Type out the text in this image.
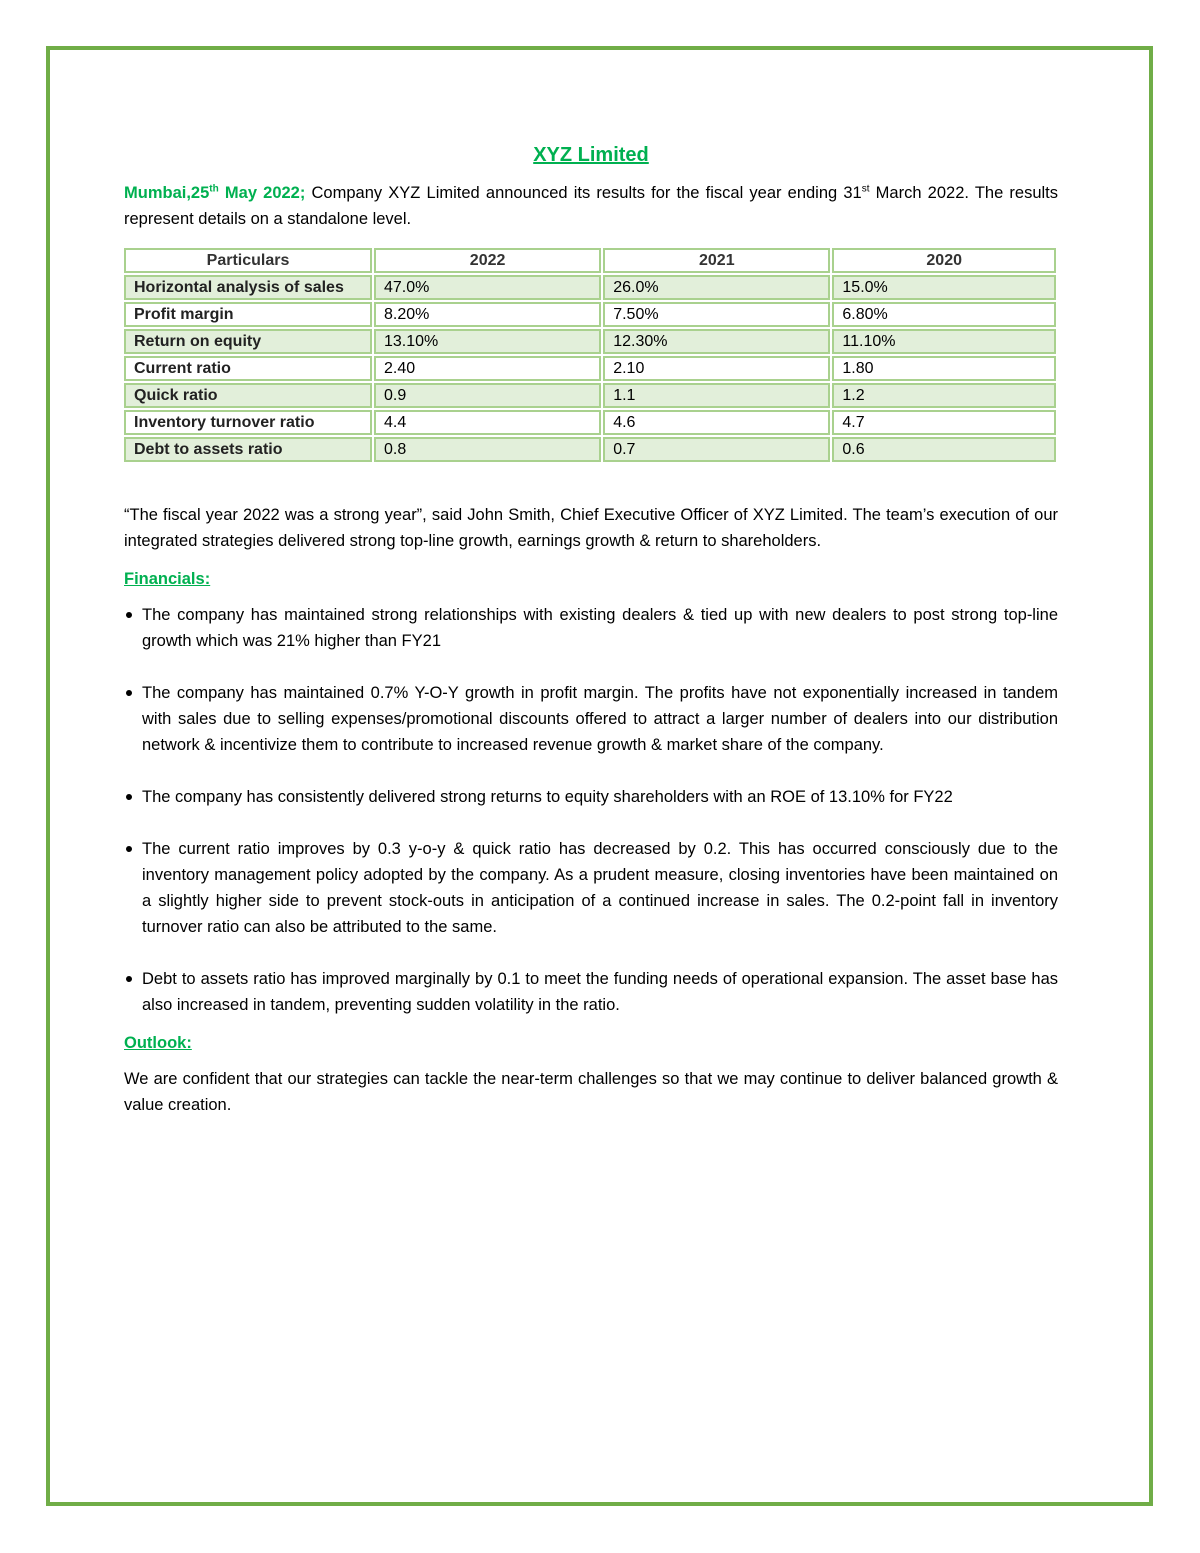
XYZ Limited

Mumbai,25th May 2022; Company XYZ Limited announced its results for the fiscal year ending 31st March 2022. The results represent details on a standalone level.

Particulars	2022	2021	2020
Horizontal analysis of sales	47.0%	26.0%	15.0%
Profit margin	8.20%	7.50%	6.80%
Return on equity	13.10%	12.30%	11.10%
Current ratio	2.40	2.10	1.80
Quick ratio	0.9	1.1	1.2
Inventory turnover ratio	4.4	4.6	4.7
Debt to assets ratio	0.8	0.7	0.6

“The fiscal year 2022 was a strong year”, said John Smith, Chief Executive Officer of XYZ Limited. The team’s execution of our integrated strategies delivered strong top-line growth, earnings growth & return to shareholders.

Financials:
The company has maintained strong relationships with existing dealers & tied up with new dealers to post strong top-line growth which was 21% higher than FY21
The company has maintained 0.7% Y-O-Y growth in profit margin. The profits have not exponentially increased in tandem with sales due to selling expenses/promotional discounts offered to attract a larger number of dealers into our distribution network & incentivize them to contribute to increased revenue growth & market share of the company.
The company has consistently delivered strong returns to equity shareholders with an ROE of 13.10% for FY22
The current ratio improves by 0.3 y-o-y & quick ratio has decreased by 0.2. This has occurred consciously due to the inventory management policy adopted by the company. As a prudent measure, closing inventories have been maintained on a slightly higher side to prevent stock-outs in anticipation of a continued increase in sales. The 0.2-point fall in inventory turnover ratio can also be attributed to the same.
Debt to assets ratio has improved marginally by 0.1 to meet the funding needs of operational expansion. The asset base has also increased in tandem, preventing sudden volatility in the ratio.
Outlook:

We are confident that our strategies can tackle the near-term challenges so that we may continue to deliver balanced growth & value creation.
